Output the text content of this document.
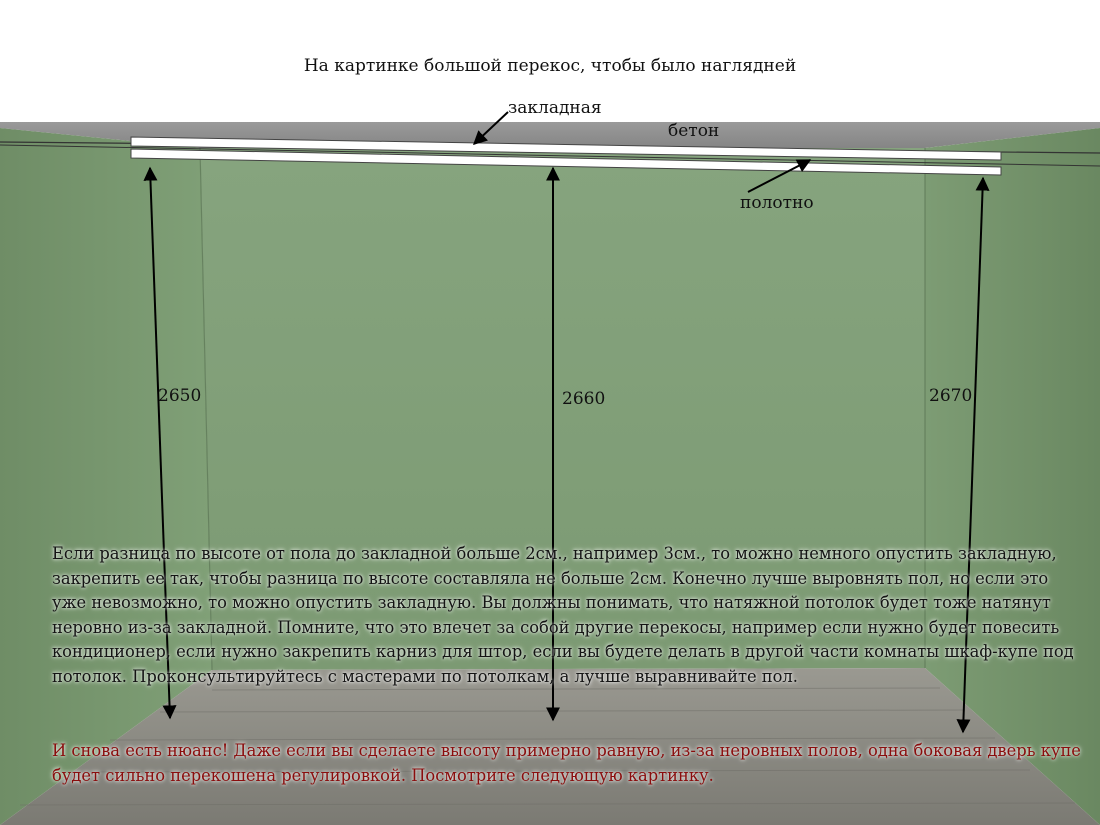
На картинке большой перекос, чтобы было наглядней
закладная
бетон
полотно
2650	2660	2670
Если разница по высоте от пола до закладной больше 2см., например 3см., то можно немного опустить закладную, закрепить ее так, чтобы разница по высоте составляла не больше 2см. Конечно лучше выровнять пол, но если это уже невозможно, то можно опустить закладную. Вы должны понимать, что натяжной потолок будет тоже натянут неровно из-за закладной. Помните, что это влечет за собой другие перекосы, например если нужно будет повесить кондиционер, если нужно закрепить карниз для штор, если вы будете делать в другой части комнаты шкаф-купе под потолок. Проконсультируйтесь с мастерами по потолкам, а лучше выравнивайте пол.
И снова есть нюанс! Даже если вы сделаете высоту примерно равную, из-за неровных полов, одна боковая дверь купе будет сильно перекошена регулировкой. Посмотрите следующую картинку.
